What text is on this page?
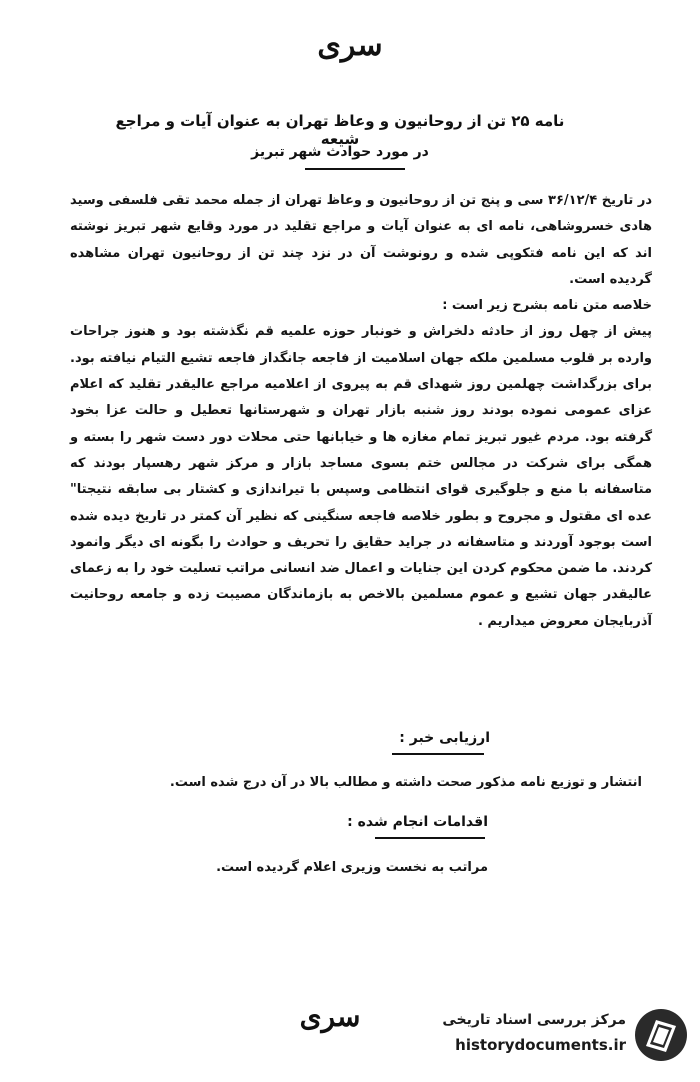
سری
نامه ۲۵ تن از روحانیون و وعاظ تهران به عنوان آیات و مراجع شیعه
در مورد حوادث شهر تبریز

در تاریخ ۳۶/۱۲/۴ سی و پنج تن از روحانیون و وعاظ تهران از جمله محمد تقی فلسفی وسید هادی خسروشاهی، نامه ای به عنوان آیات و مراجع تقلید در مورد وقایع شهر تبریز نوشته اند که این نامه فتکوپی شده و رونوشت آن در نزد چند تن از روحانیون تهران مشاهده گردیده است.

خلاصه متن نامه بشرح زیر است :

پیش از چهل روز از حادثه دلخراش و خونبار حوزه علمیه قم نگذشته بود و هنوز جراحات وارده بر قلوب مسلمین ملکه جهان اسلامیت از فاجعه جانگداز فاجعه تشیع التیام نیافته بود. برای بزرگداشت چهلمین روز شهدای قم به پیروی از اعلامیه مراجع عالیقدر تقلید که اعلام عزای عمومی نموده بودند روز شنبه بازار تهران و شهرستانها تعطیل و حالت عزا بخود گرفته بود. مردم غیور تبریز تمام مغازه ها و خیابانها حتی محلات دور دست شهر را بسته و همگی برای شرکت در مجالس ختم بسوی مساجد بازار و مرکز شهر رهسپار بودند که متاسفانه با منع و جلوگیری قوای انتظامی وسپس با تیراندازی و کشتار بی سابقه نتیجتا" عده ای مقتول و مجروح و بطور خلاصه فاجعه سنگینی که نظیر آن کمتر در تاریخ دیده شده است بوجود آوردند و متاسفانه در جراید حقایق را تحریف و حوادث را بگونه ای دیگر وانمود کردند. ما ضمن محکوم کردن این جنایات و اعمال ضد انسانی مراتب تسلیت خود را به زعمای عالیقدر جهان تشیع و عموم مسلمین بالاخص به بازماندگان مصیبت زده و جامعه روحانیت آذربایجان معروض میداریم .

ارزیابی خبر :
انتشار و توزیع نامه مذکور صحت داشته و مطالب بالا در آن درج شده است.
اقدامات انجام شده :
مراتب به نخست وزیری اعلام گردیده است.
سری	مرکز بررسی اسناد تاریخی
historydocuments.ir
